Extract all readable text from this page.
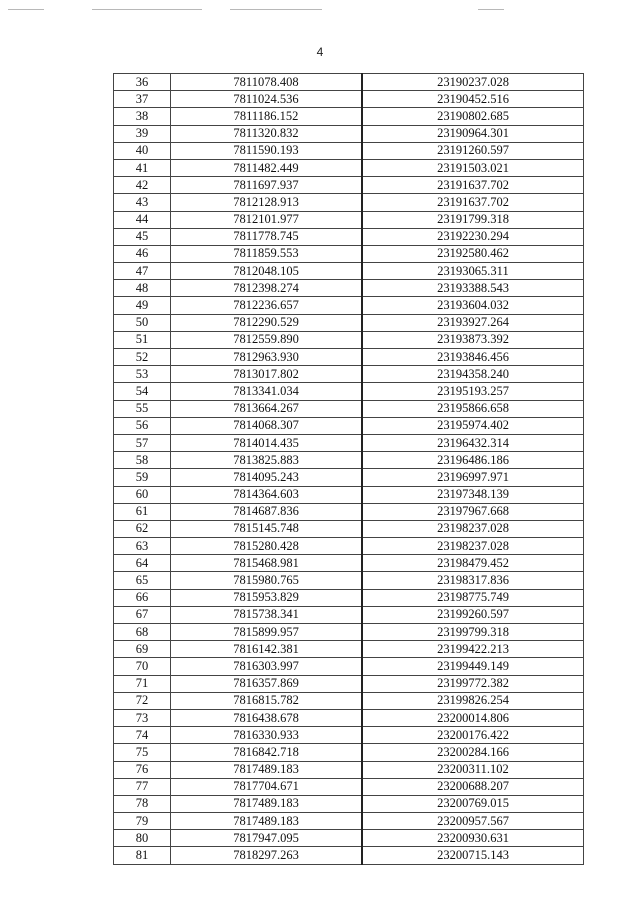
4
36	7811078.408	23190237.028
37	7811024.536	23190452.516
38	7811186.152	23190802.685
39	7811320.832	23190964.301
40	7811590.193	23191260.597
41	7811482.449	23191503.021
42	7811697.937	23191637.702
43	7812128.913	23191637.702
44	7812101.977	23191799.318
45	7811778.745	23192230.294
46	7811859.553	23192580.462
47	7812048.105	23193065.311
48	7812398.274	23193388.543
49	7812236.657	23193604.032
50	7812290.529	23193927.264
51	7812559.890	23193873.392
52	7812963.930	23193846.456
53	7813017.802	23194358.240
54	7813341.034	23195193.257
55	7813664.267	23195866.658
56	7814068.307	23195974.402
57	7814014.435	23196432.314
58	7813825.883	23196486.186
59	7814095.243	23196997.971
60	7814364.603	23197348.139
61	7814687.836	23197967.668
62	7815145.748	23198237.028
63	7815280.428	23198237.028
64	7815468.981	23198479.452
65	7815980.765	23198317.836
66	7815953.829	23198775.749
67	7815738.341	23199260.597
68	7815899.957	23199799.318
69	7816142.381	23199422.213
70	7816303.997	23199449.149
71	7816357.869	23199772.382
72	7816815.782	23199826.254
73	7816438.678	23200014.806
74	7816330.933	23200176.422
75	7816842.718	23200284.166
76	7817489.183	23200311.102
77	7817704.671	23200688.207
78	7817489.183	23200769.015
79	7817489.183	23200957.567
80	7817947.095	23200930.631
81	7818297.263	23200715.143
